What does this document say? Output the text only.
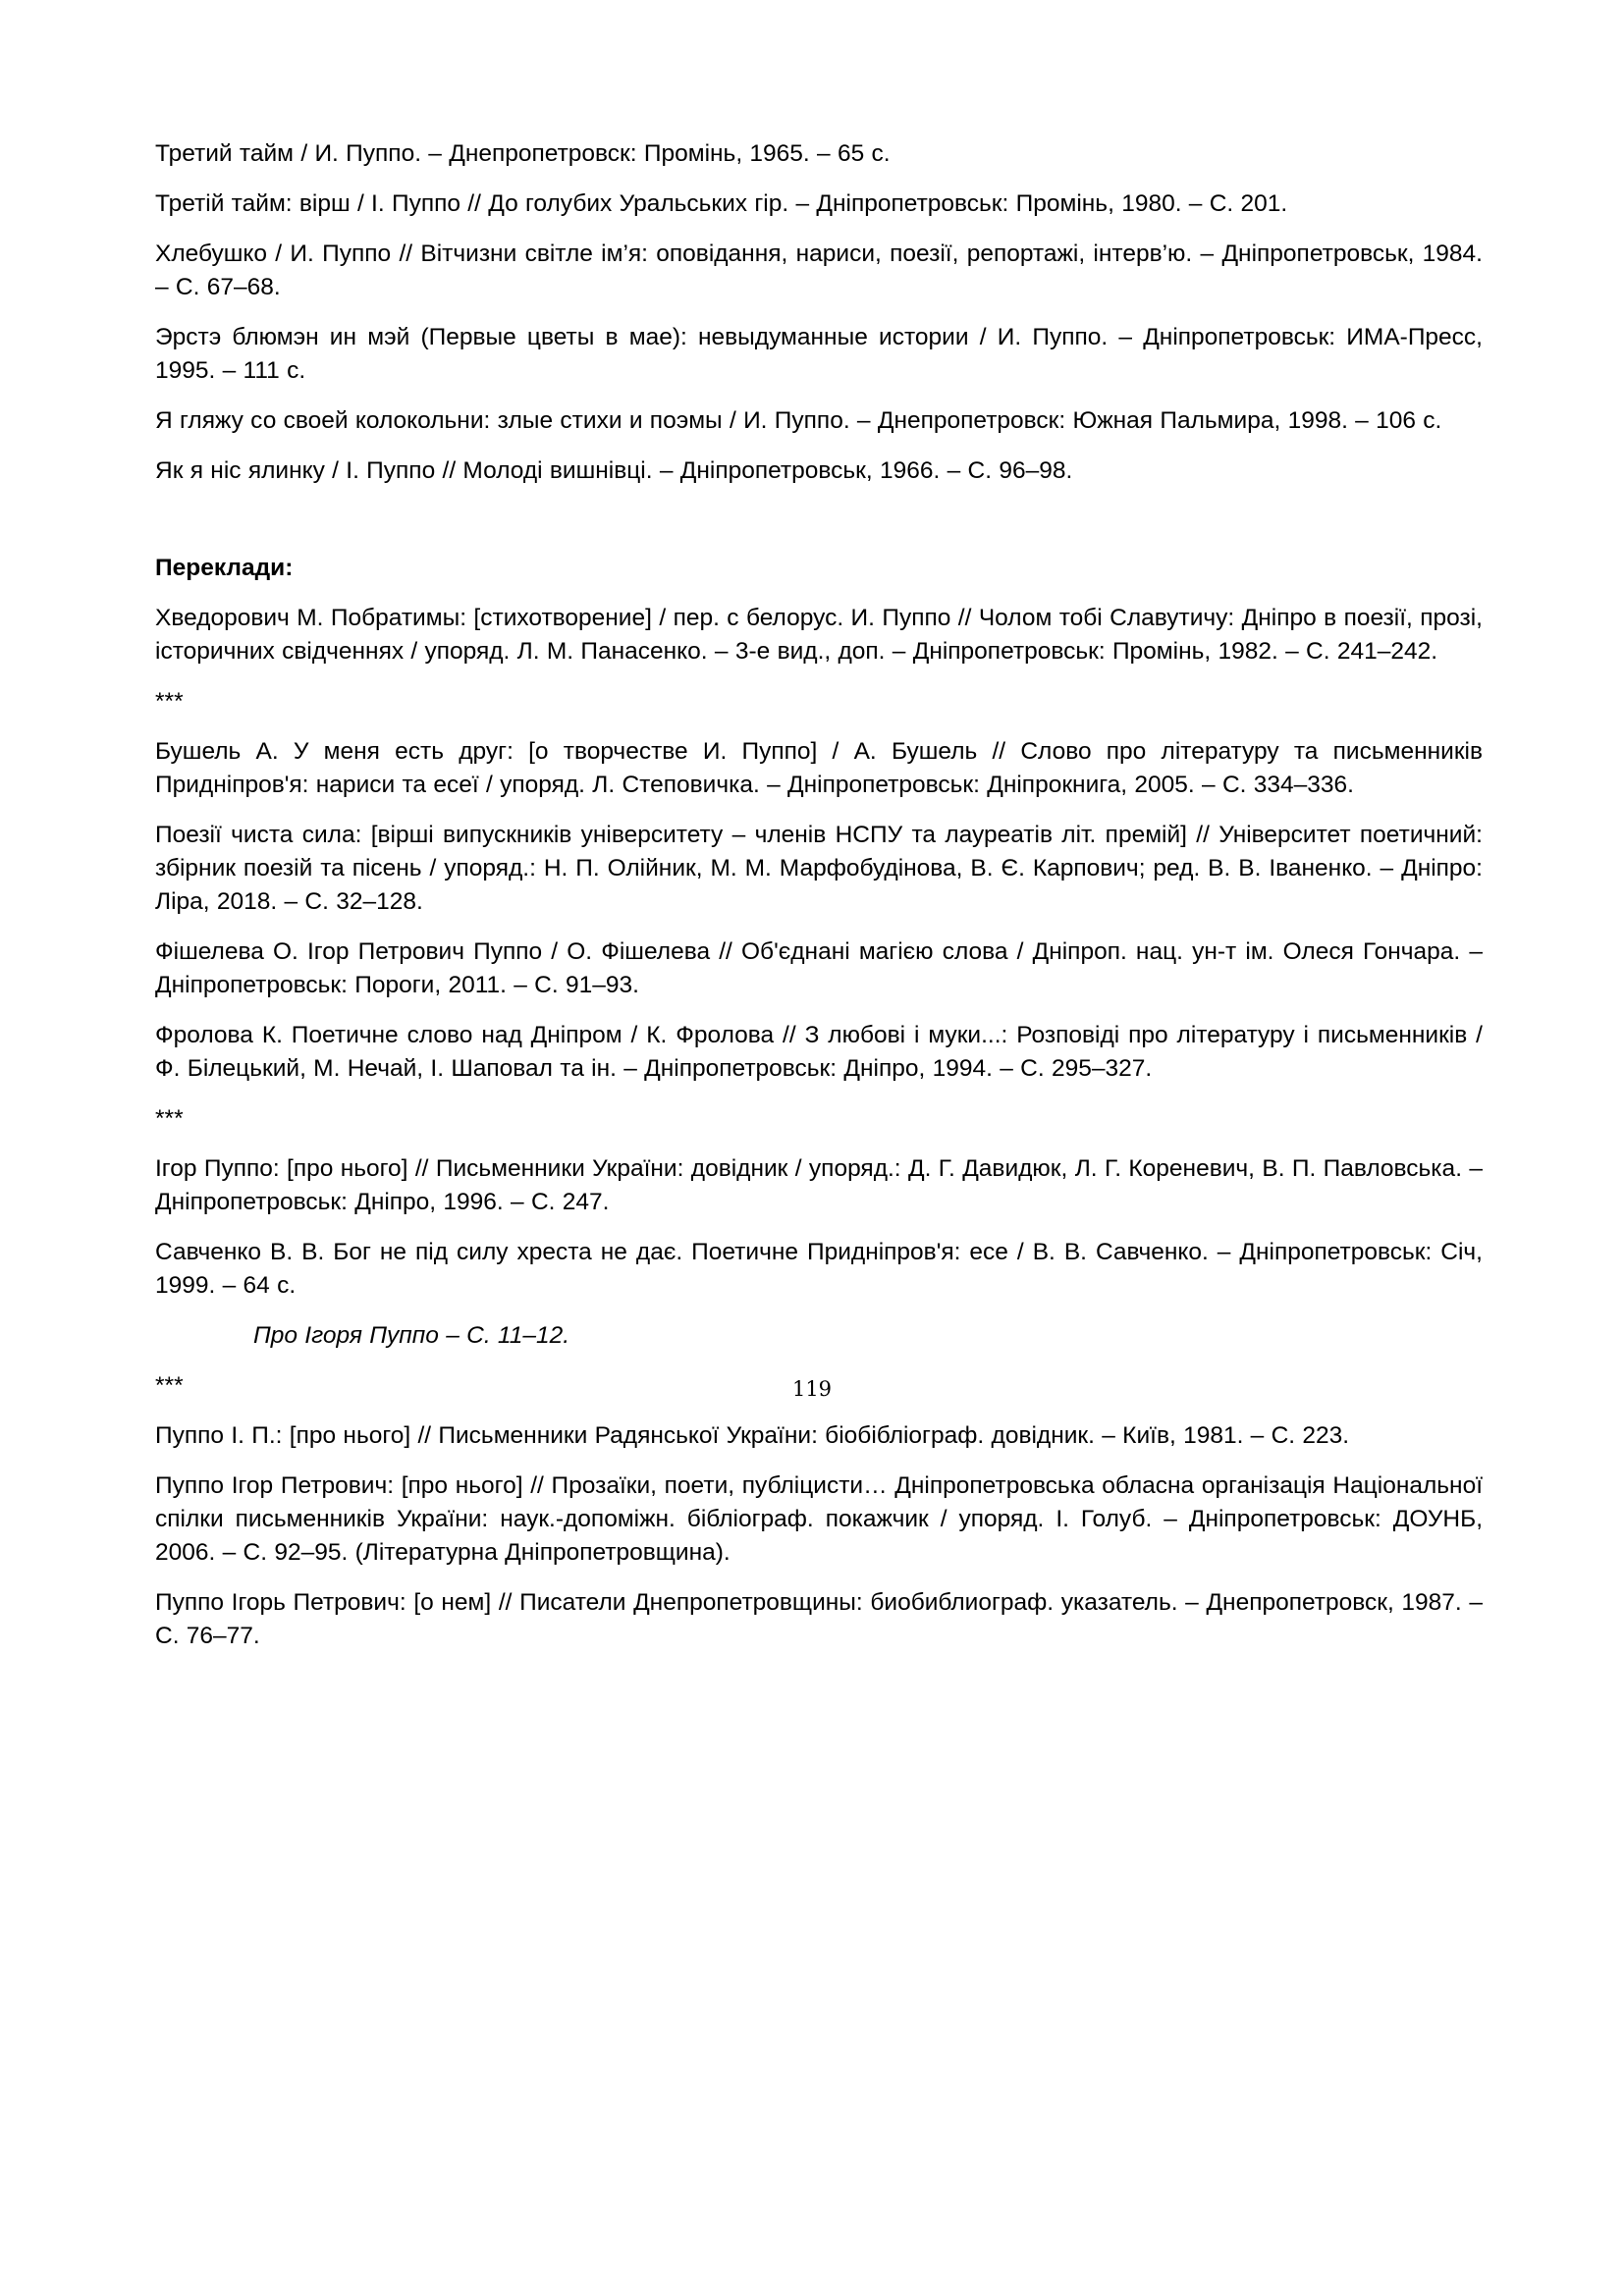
Третий тайм / И. Пуппо. – Днепропетровск: Промінь, 1965. – 65 с.

Третій тайм: вірш / І. Пуппо // До голубих Уральських гір. – Дніпропетровськ: Промінь, 1980. – С. 201.

Хлебушко / И. Пуппо // Вітчизни світле ім’я: оповідання, нариси, поезії, репортажі, інтерв’ю. – Дніпропетровськ, 1984. – С. 67–68.

Эрстэ блюмэн ин мэй (Первые цветы в мае): невыдуманные истории / И. Пуппо. – Дніпропетровськ: ИМА-Пресс, 1995. – 111 с.

Я гляжу со своей колокольни: злые стихи и поэмы / И. Пуппо. – Днепропетровск: Южная Пальмира, 1998. – 106 с.

Як я ніс ялинку / І. Пуппо // Молоді вишнівці. – Дніпропетровськ, 1966. – С. 96–98.

Переклади:

Хведорович М. Побратимы: [стихотворение] / пер. с белорус. И. Пуппо // Чолом тобі Славутичу: Дніпро в поезії, прозі, історичних свідченнях / упоряд. Л. М. Панасенко. – 3-е вид., доп. – Дніпропетровськ: Промінь, 1982. – С. 241–242.

***

Бушель А. У меня есть друг: [о творчестве И. Пуппо] / А. Бушель // Слово про літературу та письменників Придніпров'я: нариси та есеї / упоряд. Л. Степовичка. – Дніпропетровськ: Дніпрокнига, 2005. – С. 334–336.

Поезії чиста сила: [вірші випускників університету – членів НСПУ та лауреатів літ. премій] // Університет поетичний: збірник поезій та пісень / упоряд.: Н. П. Олійник, М. М. Марфобудінова, В. Є. Карпович; ред. В. В. Іваненко. – Дніпро: Ліра, 2018. – С. 32–128.

Фішелева О. Ігор Петрович Пуппо / О. Фішелева // Об'єднані магією слова / Дніпроп. нац. ун-т ім. Олеся Гончара. – Дніпропетровськ: Пороги, 2011. – С. 91–93.

Фролова К. Поетичне слово над Дніпром / К. Фролова // З любові і муки...: Розповіді про літературу і письменників / Ф. Білецький, М. Нечай, І. Шаповал та ін. – Дніпропетровськ: Дніпро, 1994. – С. 295–327.

***

Ігор Пуппо: [про нього] // Письменники України: довідник / упоряд.: Д. Г. Давидюк, Л. Г. Кореневич, В. П. Павловська. – Дніпропетровськ: Дніпро, 1996. – С. 247.

Савченко В. В. Бог не під силу хреста не дає. Поетичне Придніпров'я: есе / В. В. Савченко. – Дніпропетровськ: Січ, 1999. – 64 с.

Про Ігоря Пуппо – С. 11–12.

***

Пуппо І. П.: [про нього] // Письменники Радянської України: біобібліограф. довідник. – Київ, 1981. – С. 223.

Пуппо Ігор Петрович: [про нього] // Прозаїки, поети, публіцисти… Дніпропетровська обласна організація Національної спілки письменників України: наук.-допоміжн. бібліограф. покажчик / упоряд. І. Голуб. – Дніпропетровськ: ДОУНБ, 2006. – С. 92–95. (Літературна Дніпропетровщина).

Пуппо Ігорь Петрович: [о нем] // Писатели Днепропетровщины: биобиблиограф. указатель. – Днепропетровск, 1987. – С. 76–77.

119
